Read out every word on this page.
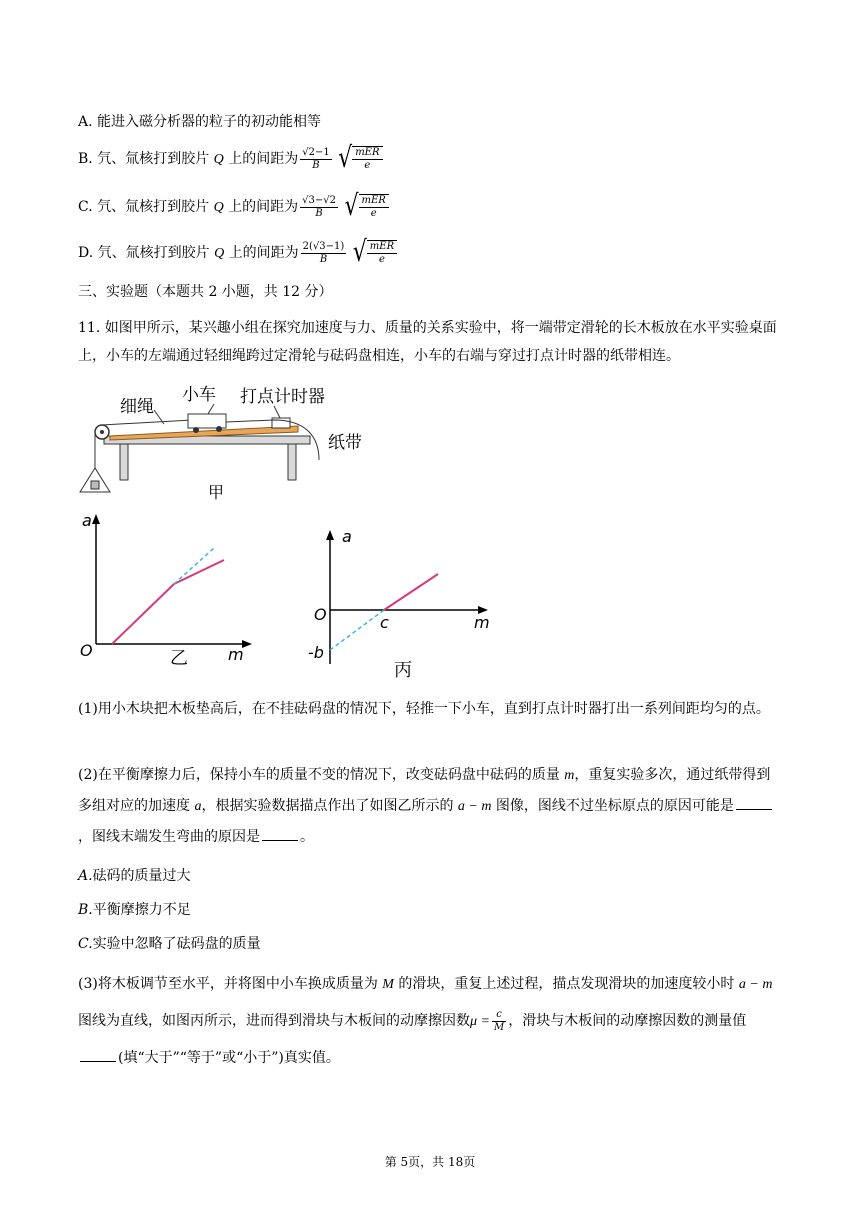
A. 能进入磁分析器的粒子的初动能相等
B. 氕、氚核打到胶片 Q 上的间距为 $\frac{√2-1}{B}$ √ mER
e
C. 氕、氚核打到胶片 Q 上的间距为 $\frac{√3-√2}{B}$ √ mER
e
D. 氕、氚核打到胶片 Q 上的间距为 $\frac{2(√3-1)}{B}$ √ mER
e
三、实验题（本题共 2 小题，共 12 分）
11. 如图甲所示，某兴趣小组在探究加速度与力、质量的关系实验中，将一端带定滑轮的长木板放在水平实验桌面上，小车的左端通过轻细绳跨过定滑轮与砝码盘相连，小车的右端与穿过打点计时器的纸带相连。
细绳
小车 打点计时器
纸带
甲
a
O	m
乙
a
O	c	m
-b
丙
(1)用小木块把木板垫高后，在不挂砝码盘的情况下，轻推一下小车，直到打点计时器打出一系列间距均匀的点。
(2)在平衡摩擦力后，保持小车的质量不变的情况下，改变砝码盘中砝码的质量 m，重复实验多次，通过纸带得到多组对应的加速度 a，根据实验数据描点作出了如图乙所示的 a − m 图像，图线不过坐标原点的原因可能是，图线末端发生弯曲的原因是	。
A.砝码的质量过大
B.平衡摩擦力不足
C.实验中忽略了砝码盘的质量
(3)将木板调节至水平，并将图中小车换成质量为 M 的滑块，重复上述过程，描点发现滑块的加速度较小时 a − m 图线为直线，如图丙所示，进而得到滑块与木板间的动摩擦因数$\mu = \frac{c}{M}$ ，滑块与木板间的动摩擦因数的测量值(填“大于”“等于”或“小于”)真实值。
第 5页，共 18页
